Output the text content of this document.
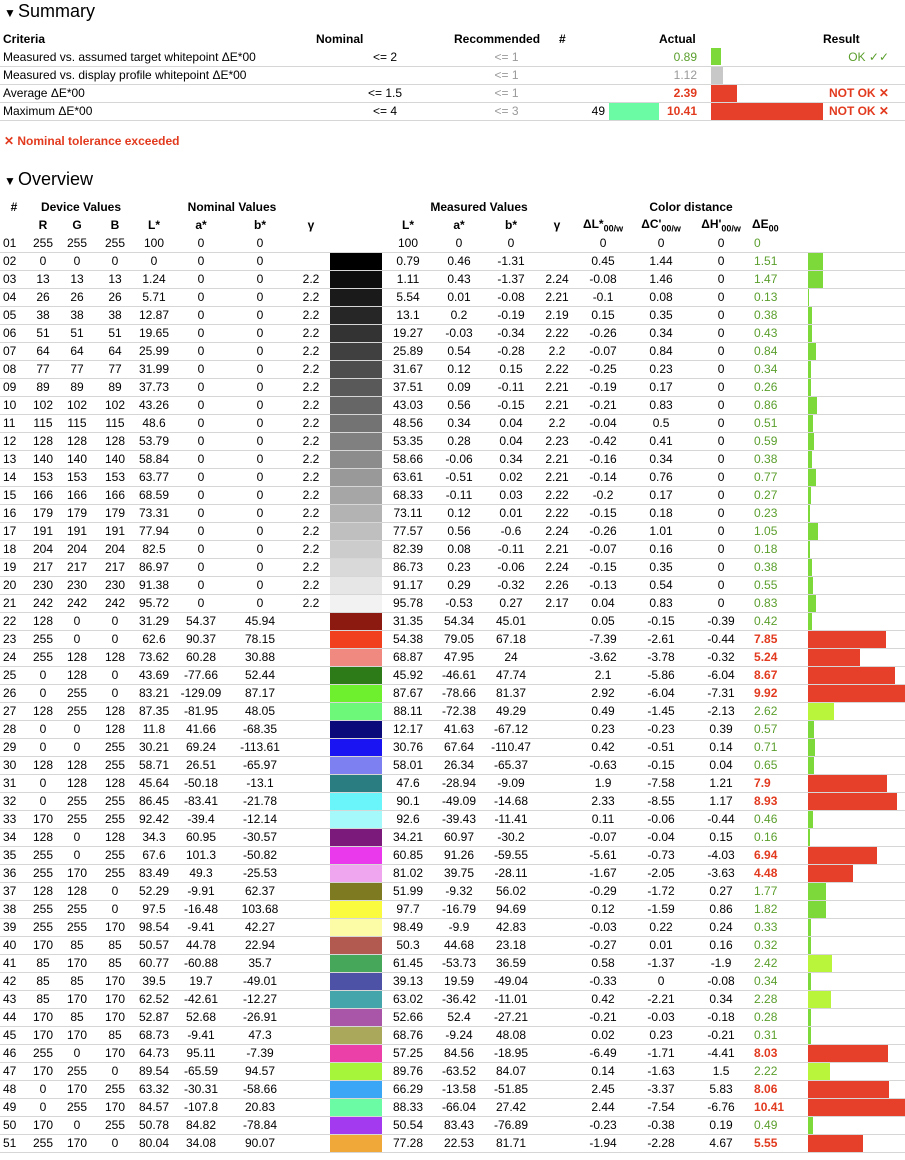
▼ Summary
Criteria	Nominal	Recommended	#		Actual		Result
Measured vs. assumed target whitepoint ΔE*00	<= 2	<= 1			0.89		OK ✓✓
Measured vs. display profile whitepoint ΔE*00		<= 1			1.12	

Average ΔE*00	<= 1.5	<= 1			2.39		NOT OK ✕
Maximum ΔE*00	<= 4	<= 3	49		10.41		NOT OK ✕
✕ Nominal tolerance exceeded
▼ Overview
#	Device Values			Nominal Values					Measured Values				Color distance				
	R	G	B	L*	a*	b*	γ		L*	a*	b*	γ	$\Delta L*_{00/w}$	$\Delta C'_{00/w}$	$\Delta H'_{00/w}$	$\Delta E_{00}$	
01	255	255	255	100	0	0			100	0	0		0	0	0	0	
02	0	0	0	0	0	0			0.79	0.46	-1.31		0.45	1.44	0	1.51	

03	13	13	13	1.24	0	0	2.2		1.11	0.43	-1.37	2.24	-0.08	1.46	0	1.47	

04	26	26	26	5.71	0	0	2.2		5.54	0.01	-0.08	2.21	-0.1	0.08	0	0.13	

05	38	38	38	12.87	0	0	2.2		13.1	0.2	-0.19	2.19	0.15	0.35	0	0.38	

06	51	51	51	19.65	0	0	2.2		19.27	-0.03	-0.34	2.22	-0.26	0.34	0	0.43	

07	64	64	64	25.99	0	0	2.2		25.89	0.54	-0.28	2.2	-0.07	0.84	0	0.84	

08	77	77	77	31.99	0	0	2.2		31.67	0.12	0.15	2.22	-0.25	0.23	0	0.34	

09	89	89	89	37.73	0	0	2.2		37.51	0.09	-0.11	2.21	-0.19	0.17	0	0.26	

10	102	102	102	43.26	0	0	2.2		43.03	0.56	-0.15	2.21	-0.21	0.83	0	0.86	

11	115	115	115	48.6	0	0	2.2		48.56	0.34	0.04	2.2	-0.04	0.5	0	0.51	

12	128	128	128	53.79	0	0	2.2		53.35	0.28	0.04	2.23	-0.42	0.41	0	0.59	

13	140	140	140	58.84	0	0	2.2		58.66	-0.06	0.34	2.21	-0.16	0.34	0	0.38	

14	153	153	153	63.77	0	0	2.2		63.61	-0.51	0.02	2.21	-0.14	0.76	0	0.77	

15	166	166	166	68.59	0	0	2.2		68.33	-0.11	0.03	2.22	-0.2	0.17	0	0.27	

16	179	179	179	73.31	0	0	2.2		73.11	0.12	0.01	2.22	-0.15	0.18	0	0.23	

17	191	191	191	77.94	0	0	2.2		77.57	0.56	-0.6	2.24	-0.26	1.01	0	1.05	

18	204	204	204	82.5	0	0	2.2		82.39	0.08	-0.11	2.21	-0.07	0.16	0	0.18	

19	217	217	217	86.97	0	0	2.2		86.73	0.23	-0.06	2.24	-0.15	0.35	0	0.38	

20	230	230	230	91.38	0	0	2.2		91.17	0.29	-0.32	2.26	-0.13	0.54	0	0.55	

21	242	242	242	95.72	0	0	2.2		95.78	-0.53	0.27	2.17	0.04	0.83	0	0.83	

22	128	0	0	31.29	54.37	45.94			31.35	54.34	45.01		0.05	-0.15	-0.39	0.42	

23	255	0	0	62.6	90.37	78.15			54.38	79.05	67.18		-7.39	-2.61	-0.44	7.85	

24	255	128	128	73.62	60.28	30.88			68.87	47.95	24		-3.62	-3.78	-0.32	5.24	

25	0	128	0	43.69	-77.66	52.44			45.92	-46.61	47.74		2.1	-5.86	-6.04	8.67	

26	0	255	0	83.21	-129.09	87.17			87.67	-78.66	81.37		2.92	-6.04	-7.31	9.92	

27	128	255	128	87.35	-81.95	48.05			88.11	-72.38	49.29		0.49	-1.45	-2.13	2.62	

28	0	0	128	11.8	41.66	-68.35			12.17	41.63	-67.12		0.23	-0.23	0.39	0.57	

29	0	0	255	30.21	69.24	-113.61			30.76	67.64	-110.47		0.42	-0.51	0.14	0.71	

30	128	128	255	58.71	26.51	-65.97			58.01	26.34	-65.37		-0.63	-0.15	0.04	0.65	

31	0	128	128	45.64	-50.18	-13.1			47.6	-28.94	-9.09		1.9	-7.58	1.21	7.9	

32	0	255	255	86.45	-83.41	-21.78			90.1	-49.09	-14.68		2.33	-8.55	1.17	8.93	

33	170	255	255	92.42	-39.4	-12.14			92.6	-39.43	-11.41		0.11	-0.06	-0.44	0.46	

34	128	0	128	34.3	60.95	-30.57			34.21	60.97	-30.2		-0.07	-0.04	0.15	0.16	

35	255	0	255	67.6	101.3	-50.82			60.85	91.26	-59.55		-5.61	-0.73	-4.03	6.94	

36	255	170	255	83.49	49.3	-25.53			81.02	39.75	-28.11		-1.67	-2.05	-3.63	4.48	

37	128	128	0	52.29	-9.91	62.37			51.99	-9.32	56.02		-0.29	-1.72	0.27	1.77	

38	255	255	0	97.5	-16.48	103.68			97.7	-16.79	94.69		0.12	-1.59	0.86	1.82	

39	255	255	170	98.54	-9.41	42.27			98.49	-9.9	42.83		-0.03	0.22	0.24	0.33	

40	170	85	85	50.57	44.78	22.94			50.3	44.68	23.18		-0.27	0.01	0.16	0.32	

41	85	170	85	60.77	-60.88	35.7			61.45	-53.73	36.59		0.58	-1.37	-1.9	2.42	

42	85	85	170	39.5	19.7	-49.01			39.13	19.59	-49.04		-0.33	0	-0.08	0.34	

43	85	170	170	62.52	-42.61	-12.27			63.02	-36.42	-11.01		0.42	-2.21	0.34	2.28	

44	170	85	170	52.87	52.68	-26.91			52.66	52.4	-27.21		-0.21	-0.03	-0.18	0.28	

45	170	170	85	68.73	-9.41	47.3			68.76	-9.24	48.08		0.02	0.23	-0.21	0.31	

46	255	0	170	64.73	95.11	-7.39			57.25	84.56	-18.95		-6.49	-1.71	-4.41	8.03	

47	170	255	0	89.54	-65.59	94.57			89.76	-63.52	84.07		0.14	-1.63	1.5	2.22	

48	0	170	255	63.32	-30.31	-58.66			66.29	-13.58	-51.85		2.45	-3.37	5.83	8.06	

49	0	255	170	84.57	-107.8	20.83			88.33	-66.04	27.42		2.44	-7.54	-6.76	10.41	

50	170	0	255	50.78	84.82	-78.84			50.54	83.43	-76.89		-0.23	-0.38	0.19	0.49	

51	255	170	0	80.04	34.08	90.07			77.28	22.53	81.71		-1.94	-2.28	4.67	5.55	
